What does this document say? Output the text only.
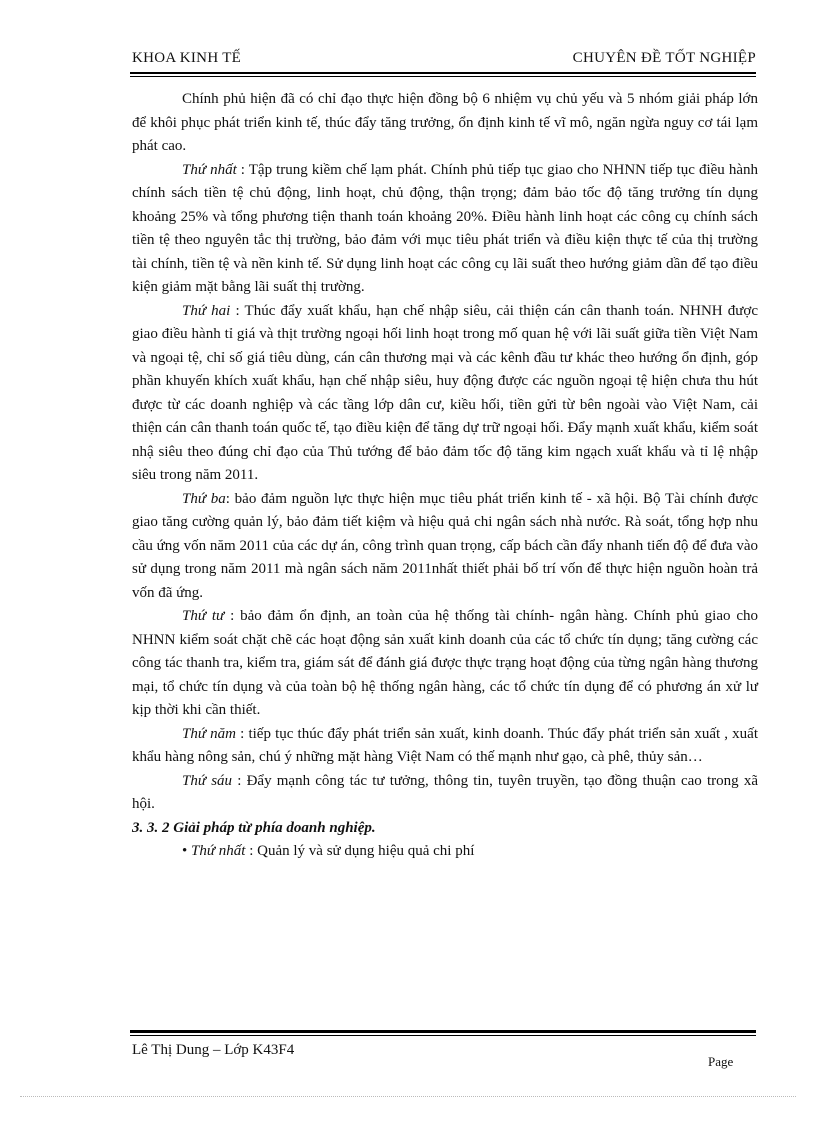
KHOA KINH TẾ	CHUYÊN ĐỀ TỐT NGHIỆP

Chính phủ hiện đã có chỉ đạo thực hiện đồng bộ 6 nhiệm vụ chủ yếu và 5 nhóm giải pháp lớn để khôi phục phát triển kinh tế, thúc đẩy tăng trưởng, ổn định kinh tế vĩ mô, ngăn ngừa nguy cơ tái lạm phát cao.

Thứ nhất : Tập trung kiềm chế lạm phát. Chính phủ tiếp tục giao cho NHNN tiếp tục điều hành chính sách tiền tệ chủ động, linh hoạt, chủ động, thận trọng; đảm bảo tốc độ tăng trưởng tín dụng khoảng 25% và tổng phương tiện thanh toán khoảng 20%. Điều hành linh hoạt các công cụ chính sách tiền tệ theo nguyên tắc thị trường, bảo đảm với mục tiêu phát triển và điều kiện thực tế của thị trường tài chính, tiền tệ và nền kinh tế. Sử dụng linh hoạt các công cụ lãi suất theo hướng giảm dần để tạo điều kiện giảm mặt bằng lãi suất thị trường.

Thứ hai : Thúc đẩy xuất khẩu, hạn chế nhập siêu, cải thiện cán cân thanh toán. NHNH được giao điều hành tỉ giá và thịt trường ngoại hối linh hoạt trong mố quan hệ với lãi suất giữa tiền Việt Nam và ngoại tệ, chỉ số giá tiêu dùng, cán cân thương mại và các kênh đầu tư khác theo hướng ổn định, góp phần khuyến khích xuất khẩu, hạn chế nhập siêu, huy động được các nguồn ngoại tệ hiện chưa thu hút được từ các doanh nghiệp và các tầng lớp dân cư, kiều hối, tiền gửi từ bên ngoài vào Việt Nam, cải thiện cán cân thanh toán quốc tế, tạo điều kiện để tăng dự trữ ngoại hối. Đẩy mạnh xuất khẩu, kiểm soát nhậ siêu theo đúng chỉ đạo của Thủ tướng để bảo đảm tốc độ tăng kim ngạch xuất khẩu và tỉ lệ nhập siêu trong năm 2011.

Thứ ba: bảo đảm nguồn lực thực hiện mục tiêu phát triển kinh tế - xã hội. Bộ Tài chính được giao tăng cường quản lý, bảo đảm tiết kiệm và hiệu quả chi ngân sách nhà nước. Rà soát, tổng hợp nhu cầu ứng vốn năm 2011 của các dự án, công trình quan trọng, cấp bách cần đẩy nhanh tiến độ để đưa vào sử dụng trong năm 2011 mà ngân sách năm 2011nhất thiết phải bố trí vốn để thực hiện nguồn hoàn trả vốn đã ứng.

Thứ tư : bảo đảm ổn định, an toàn của hệ thống tài chính- ngân hàng. Chính phủ giao cho NHNN kiểm soát chặt chẽ các hoạt động sản xuất kinh doanh của các tổ chức tín dụng; tăng cường các công tác thanh tra, kiểm tra, giám sát để đánh giá được thực trạng hoạt động của từng ngân hàng thương mại, tổ chức tín dụng và của toàn bộ hệ thống ngân hàng, các tổ chức tín dụng để có phương án xử lư kịp thời khi cần thiết.

Thứ năm : tiếp tục thúc đẩy phát triển sản xuất, kinh doanh. Thúc đẩy phát triển sản xuất , xuất khẩu hàng nông sản, chú ý những mặt hàng Việt Nam có thế mạnh như gạo, cà phê, thủy sản…

Thứ sáu : Đẩy mạnh công tác tư tưởng, thông tin, tuyên truyền, tạo đồng thuận cao trong xã hội.

3. 3. 2 Giải pháp từ phía doanh nghiệp.

• Thứ nhất : Quản lý và sử dụng hiệu quả chi phí

Lê Thị Dung – Lớp K43F4
Page
